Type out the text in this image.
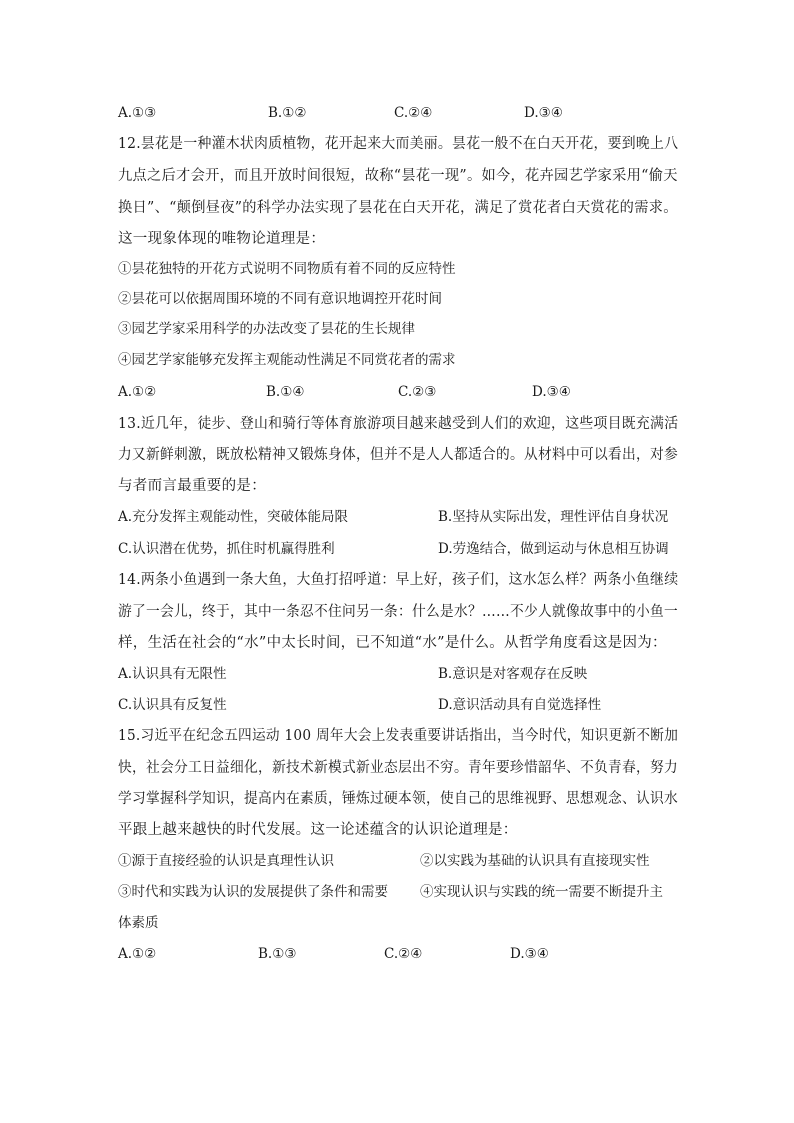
A.①③	B.①②	C.②④	D.③④
12.昙花是一种灌木状肉质植物，花开起来大而美丽。昙花一般不在白天开花，要到晚上八
九点之后才会开，而且开放时间很短，故称“昙花一现”。如今，花卉园艺学家采用“偷天
换日”、“颠倒昼夜”的科学办法实现了昙花在白天开花，满足了赏花者白天赏花的需求。
这一现象体现的唯物论道理是：
①昙花独特的开花方式说明不同物质有着不同的反应特性
②昙花可以依据周围环境的不同有意识地调控开花时间
③园艺学家采用科学的办法改变了昙花的生长规律
④园艺学家能够充发挥主观能动性满足不同赏花者的需求
A.①②	B.①④	C.②③	D.③④
13.近几年，徒步、登山和骑行等体育旅游项目越来越受到人们的欢迎，这些项目既充满活
力又新鲜刺激，既放松精神又锻炼身体，但并不是人人都适合的。从材料中可以看出，对参
与者而言最重要的是：
A.充分发挥主观能动性，突破体能局限	B.坚持从实际出发，理性评估自身状况
C.认识潜在优势，抓住时机赢得胜利	D.劳逸结合，做到运动与休息相互协调
14.两条小鱼遇到一条大鱼，大鱼打招呼道：早上好，孩子们，这水怎么样？两条小鱼继续
游了一会儿，终于，其中一条忍不住问另一条：什么是水？……不少人就像故事中的小鱼一
样，生活在社会的“水”中太长时间，已不知道“水”是什么。从哲学角度看这是因为：
A.认识具有无限性	B.意识是对客观存在反映
C.认识具有反复性	D.意识活动具有自觉选择性
15.习近平在纪念五四运动 100 周年大会上发表重要讲话指出，当今时代，知识更新不断加
快，社会分工日益细化，新技术新模式新业态层出不穷。青年要珍惜韶华、不负青春，努力
学习掌握科学知识，提高内在素质，锤炼过硬本领，使自己的思维视野、思想观念、认识水
平跟上越来越快的时代发展。这一论述蕴含的认识论道理是：
①源于直接经验的认识是真理性认识	②以实践为基础的认识具有直接现实性
③时代和实践为认识的发展提供了条件和需要 ④实现认识与实践的统一需要不断提升主
体素质
A.①②	B.①③	C.②④	D.③④
